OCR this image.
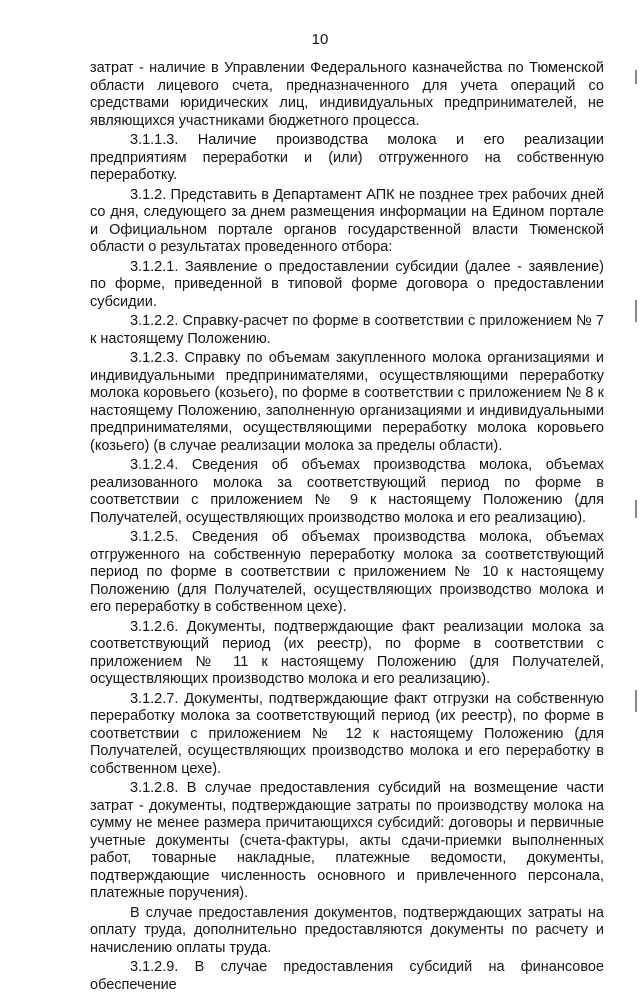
10

затрат - наличие в Управлении Федерального казначейства по Тюменской области лицевого счета, предназначенного для учета операций со средствами юридических лиц, индивидуальных предпринимателей, не являющихся участниками бюджетного процесса.

3.1.1.3. Наличие производства молока и его реализации предприятиям переработки и (или) отгруженного на собственную переработку.

3.1.2. Представить в Департамент АПК не позднее трех рабочих дней со дня, следующего за днем размещения информации на Едином портале и Официальном портале органов государственной власти Тюменской области о результатах проведенного отбора:

3.1.2.1. Заявление о предоставлении субсидии (далее - заявление) по форме, приведенной в типовой форме договора о предоставлении субсидии.

3.1.2.2. Справку-расчет по форме в соответствии с приложением № 7 к настоящему Положению.

3.1.2.3. Справку по объемам закупленного молока организациями и индивидуальными предпринимателями, осуществляющими переработку молока коровьего (козьего), по форме в соответствии с приложением № 8 к настоящему Положению, заполненную организациями и индивидуальными предпринимателями, осуществляющими переработку молока коровьего (козьего) (в случае реализации молока за пределы области).

3.1.2.4. Сведения об объемах производства молока, объемах реализованного молока за соответствующий период по форме в соответствии с приложением № 9 к настоящему Положению (для Получателей, осуществляющих производство молока и его реализацию).

3.1.2.5. Сведения об объемах производства молока, объемах отгруженного на собственную переработку молока за соответствующий период по форме в соответствии с приложением № 10 к настоящему Положению (для Получателей, осуществляющих производство молока и его переработку в собственном цехе).

3.1.2.6. Документы, подтверждающие факт реализации молока за соответствующий период (их реестр), по форме в соответствии с приложением № 11 к настоящему Положению (для Получателей, осуществляющих производство молока и его реализацию).

3.1.2.7. Документы, подтверждающие факт отгрузки на собственную переработку молока за соответствующий период (их реестр), по форме в соответствии с приложением № 12 к настоящему Положению (для Получателей, осуществляющих производство молока и его переработку в собственном цехе).

3.1.2.8. В случае предоставления субсидий на возмещение части затрат - документы, подтверждающие затраты по производству молока на сумму не менее размера причитающихся субсидий: договоры и первичные учетные документы (счета-фактуры, акты сдачи-приемки выполненных работ, товарные накладные, платежные ведомости, документы, подтверждающие численность основного и привлеченного персонала, платежные поручения).

В случае предоставления документов, подтверждающих затраты на оплату труда, дополнительно предоставляются документы по расчету и начислению оплаты труда.

3.1.2.9. В случае предоставления субсидий на финансовое обеспечение
